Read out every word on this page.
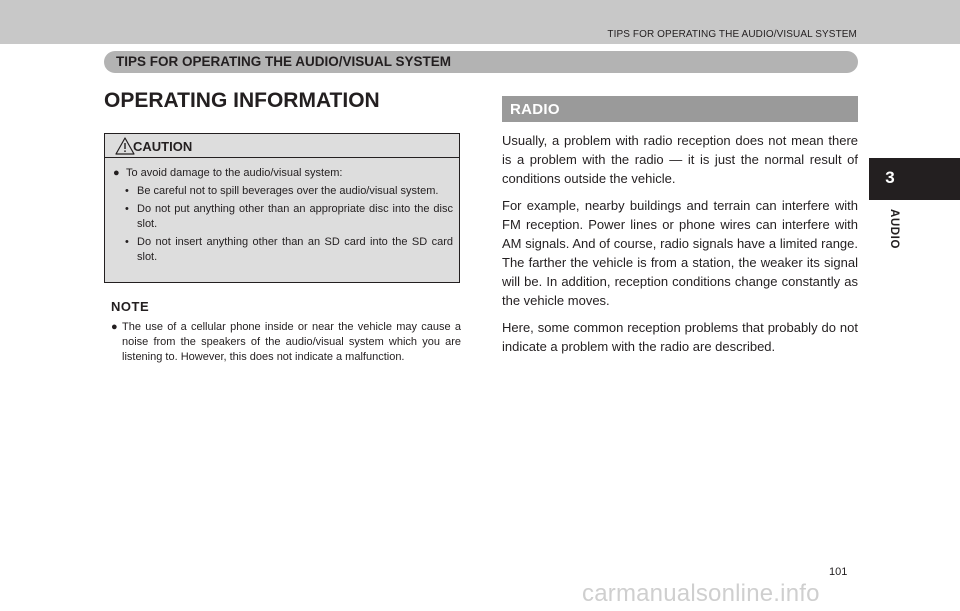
TIPS FOR OPERATING THE AUDIO/VISUAL SYSTEM
TIPS FOR OPERATING THE AUDIO/VISUAL SYSTEM
3
AUDIO
OPERATING INFORMATION
CAUTION
● To avoid damage to the audio/visual system:
• Be careful not to spill beverages over the audio/visual system.
• Do not put anything other than an appropriate disc into the disc slot.
• Do not insert anything other than an SD card into the SD card slot.
NOTE
● The use of a cellular phone inside or near the vehicle may cause a noise from the speakers of the audio/visual system which you are listening to. However, this does not indicate a malfunction.
RADIO

Usually, a problem with radio reception does not mean there is a problem with the radio — it is just the normal result of conditions outside the vehicle.

For example, nearby buildings and terrain can interfere with FM reception. Power lines or phone wires can interfere with AM signals. And of course, radio signals have a limited range. The farther the vehicle is from a station, the weaker its signal will be. In addition, reception conditions change constantly as the vehicle moves.

Here, some common reception problems that probably do not indicate a problem with the radio are described.

101
carmanualsonline.info
